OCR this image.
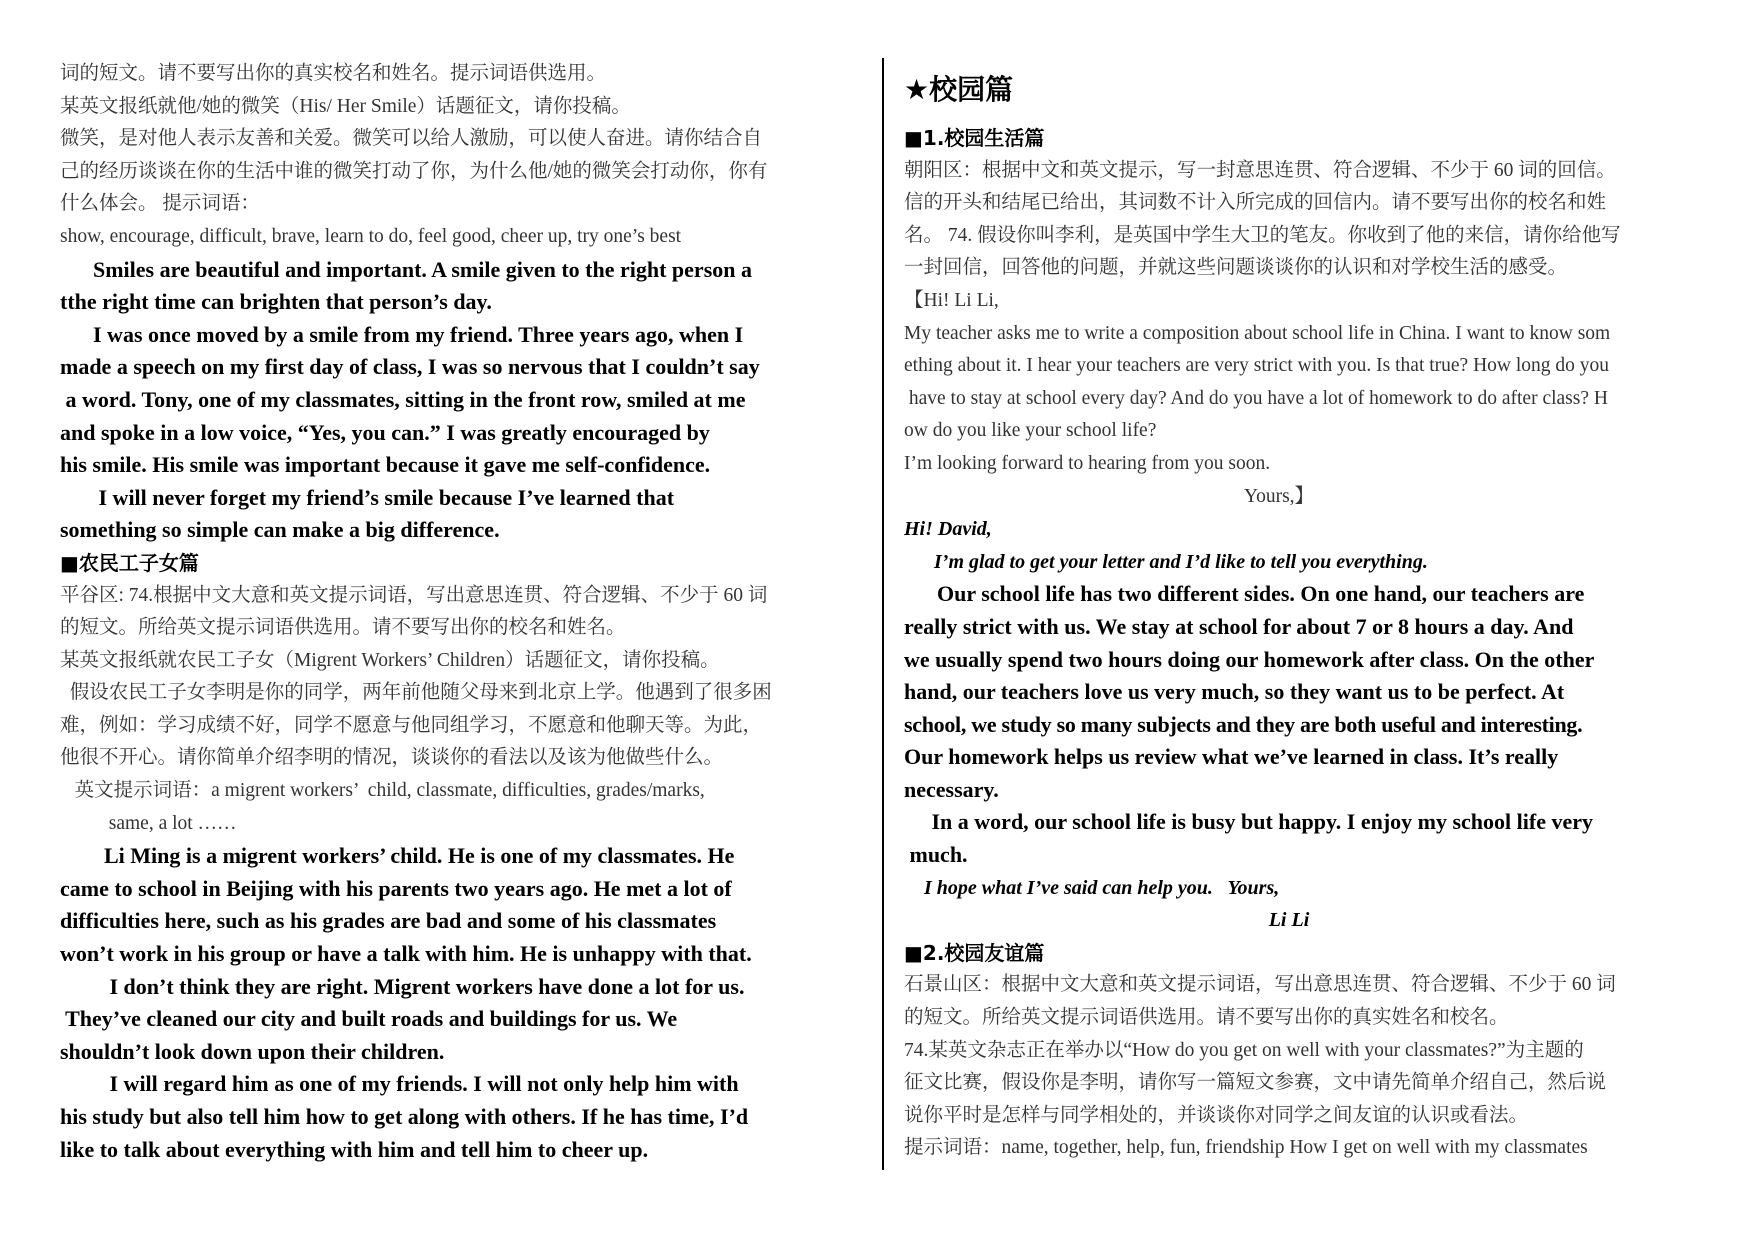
词的短文。请不要写出你的真实校名和姓名。提示词语供选用。
某英文报纸就他/她的微笑（His/ Her Smile）话题征文，请你投稿。
微笑，是对他人表示友善和关爱。微笑可以给人激励，可以使人奋进。请你结合自
己的经历谈谈在你的生活中谁的微笑打动了你，为什么他/她的微笑会打动你，你有
什么体会。 提示词语：
show, encourage, difficult, brave, learn to do, feel good, cheer up, try one’s best
Smiles are beautiful and important. A smile given to the right person a
tthe right time can brighten that person’s day.
I was once moved by a smile from my friend. Three years ago, when I
made a speech on my first day of class, I was so nervous that I couldn’t say
a word. Tony, one of my classmates, sitting in the front row, smiled at me
and spoke in a low voice, “Yes, you can.” I was greatly encouraged by
his smile. His smile was important because it gave me self-confidence.
I will never forget my friend’s smile because I’ve learned that
something so simple can make a big difference.
■农民工子女篇
平谷区: 74.根据中文大意和英文提示词语，写出意思连贯、符合逻辑、不少于 60 词
的短文。所给英文提示词语供选用。请不要写出你的校名和姓名。
某英文报纸就农民工子女（Migrent Workers’ Children）话题征文，请你投稿。
假设农民工子女李明是你的同学，两年前他随父母来到北京上学。他遇到了很多困
难，例如：学习成绩不好，同学不愿意与他同组学习，不愿意和他聊天等。为此，
他很不开心。请你简单介绍李明的情况，谈谈你的看法以及该为他做些什么。
英文提示词语：a migrent workers’  child, classmate, difficulties, grades/marks,
same, a lot ……
Li Ming is a migrent workers’ child. He is one of my classmates. He
came to school in Beijing with his parents two years ago. He met a lot of
difficulties here, such as his grades are bad and some of his classmates
won’t work in his group or have a talk with him. He is unhappy with that.
I don’t think they are right. Migrent workers have done a lot for us.
They’ve cleaned our city and built roads and buildings for us. We
shouldn’t look down upon their children.
I will regard him as one of my friends. I will not only help him with
his study but also tell him how to get along with others. If he has time, I’d
like to talk about everything with him and tell him to cheer up.
★校园篇
■1.校园生活篇
朝阳区：根据中文和英文提示，写一封意思连贯、符合逻辑、不少于 60 词的回信。
信的开头和结尾已给出，其词数不计入所完成的回信内。请不要写出你的校名和姓
名。 74. 假设你叫李利，是英国中学生大卫的笔友。你收到了他的来信，请你给他写
一封回信，回答他的问题，并就这些问题谈谈你的认识和对学校生活的感受。
【Hi! Li Li,
My teacher asks me to write a composition about school life in China. I want to know som
ething about it. I hear your teachers are very strict with you. Is that true? How long do you
have to stay at school every day? And do you have a lot of homework to do after class? H
ow do you like your school life?
I’m looking forward to hearing from you soon.
Yours,】
Hi! David,
I’m glad to get your letter and I’d like to tell you everything.
Our school life has two different sides. On one hand, our teachers are
really strict with us. We stay at school for about 7 or 8 hours a day. And
we usually spend two hours doing our homework after class. On the other
hand, our teachers love us very much, so they want us to be perfect. At
school, we study so many subjects and they are both useful and interesting.
Our homework helps us review what we’ve learned in class. It’s really
necessary.
In a word, our school life is busy but happy. I enjoy my school life very
much.
I hope what I’ve said can help you.   Yours,
Li Li
■2.校园友谊篇
石景山区：根据中文大意和英文提示词语，写出意思连贯、符合逻辑、不少于 60 词
的短文。所给英文提示词语供选用。请不要写出你的真实姓名和校名。
74.某英文杂志正在举办以“How do you get on well with your classmates?”为主题的
征文比赛，假设你是李明，请你写一篇短文参赛，文中请先简单介绍自己，然后说
说你平时是怎样与同学相处的，并谈谈你对同学之间友谊的认识或看法。
提示词语：name, together, help, fun, friendship How I get on well with my classmates
